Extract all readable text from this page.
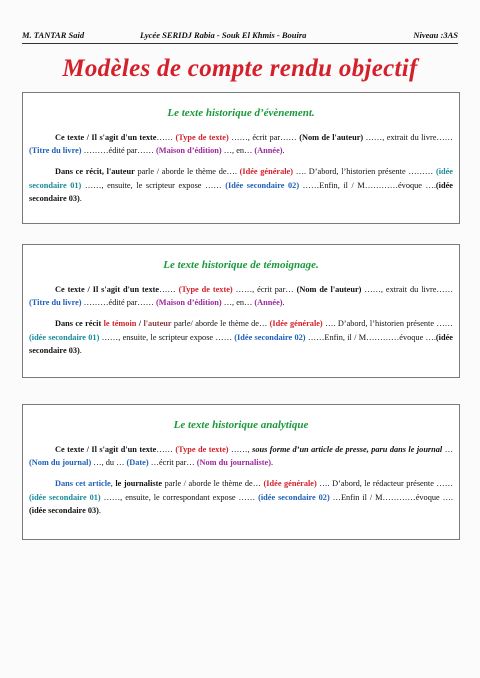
M. TANTAR Said	Lycée SERIDJ Rabia - Souk El Khmis - Bouira	Niveau :3AS
Modèles de compte rendu objectif
Le texte historique d’évènement.
Ce texte / Il s'agit d'un texte…… (Type de texte) ……, écrit par…… (Nom de l'auteur) ……, extrait du livre…… (Titre du livre) ………édité par…… (Maison d’édition) …, en… (Année).
Dans ce récit, l'auteur parle / aborde le thème de…. (Idée générale) …. D’abord, l’historien présente ……… (idée secondaire 01) ……, ensuite, le scripteur expose …… (Idée secondaire 02) ……Enfin, il / M…………évoque ….(idée secondaire 03).
Le texte historique de témoignage.
Ce texte / Il s'agit d'un texte…… (Type de texte) ……, écrit par… (Nom de l'auteur) ……, extrait du livre…… (Titre du livre) ………édité par…… (Maison d’édition) …, en… (Année).
Dans ce récit le témoin / l'auteur parle/ aborde le thème de… (Idée générale) …. D’abord, l’historien présente …… (idée secondaire 01) ……, ensuite, le scripteur expose …… (Idée secondaire 02) ……Enfin, il / M…………évoque ….(idée secondaire 03).
Le texte historique analytique
Ce texte / Il s'agit d'un texte…… (Type de texte) ……, sous forme d’un article de presse, paru dans le journal … (Nom du journal) …, du … (Date) …écrit par… (Nom du journaliste).
Dans cet article, le journaliste parle / aborde le thème de… (Idée générale) …. D’abord, le rédacteur présente …… (idée secondaire 01) ……, ensuite, le correspondant expose …… (idée secondaire 02) …Enfin il / M…………évoque ….(idée secondaire 03).
